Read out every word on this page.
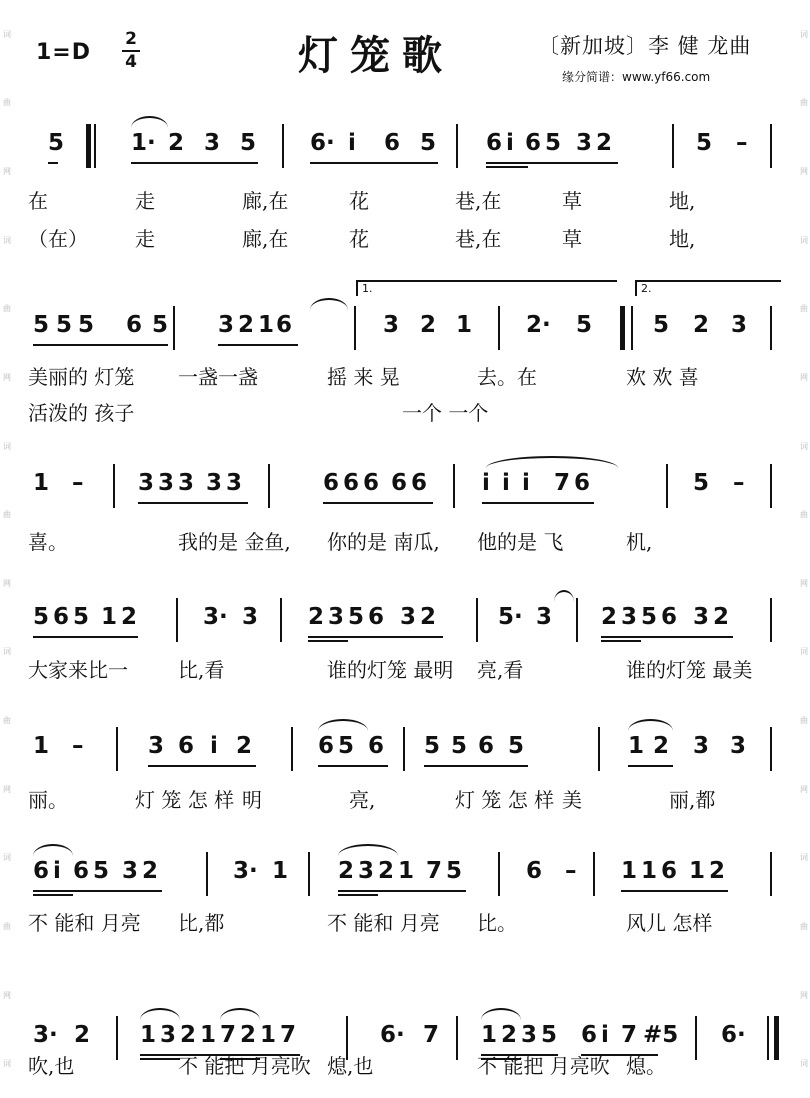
词
曲
网
词
曲
网
词
曲
网
词
曲
网
词
曲
网
词
词
曲
网
词
曲
网
词
曲
网
词
曲
网
词
曲
网
词
1=D
2
4	灯笼歌	〔新加坡〕李 健 龙曲
缘分简谱：www.yf66.com
5	1· 2 3 5 6· i 6 5 6 i 6 5 3 2	5 –
在	走	廊,在	花	巷,在	草	地,
（在） 走	廊,在	花	巷,在	草	地,
5 5 5 6 5 3 2 1 6	3 2 1 2· 5	5 2 3
美丽的 灯笼 一盏一盏	摇 来 晃	去。在	欢 欢 喜
活泼的 孩子	一个 一个
1 – 3 3 3 3 3	6 6 6 6 6 i i i 7 6	5 –
喜。	我的是 金鱼, 你的是 南瓜, 他的是 飞	机,
5 6 5 1 2	3· 3 2 3 5 6 3 2	5· 3 2 3 5 6 3 2
大家来比一	比,看	谁的灯笼 最明 亮,看	谁的灯笼 最美
1 –	3 6 i 2	6 5 6 5 5 6 5	1 2 3 3
丽。	灯 笼 怎 样 明	亮,	灯 笼 怎 样 美	丽,都
6 i 6 5 3 2	3· 1 2 3 2 1 7 5	6 – 1 1 6 1 2
不 能和 月亮 比,都	不 能和 月亮 比。	风儿 怎样
3· 2 1 3 2 1 7 2 1 7	6· 7 1 2 3 5 6 i 7 #5 6·
吹,也	不 能把 月亮吹 熄,也	不 能把 月亮吹 熄。
1.	2.
